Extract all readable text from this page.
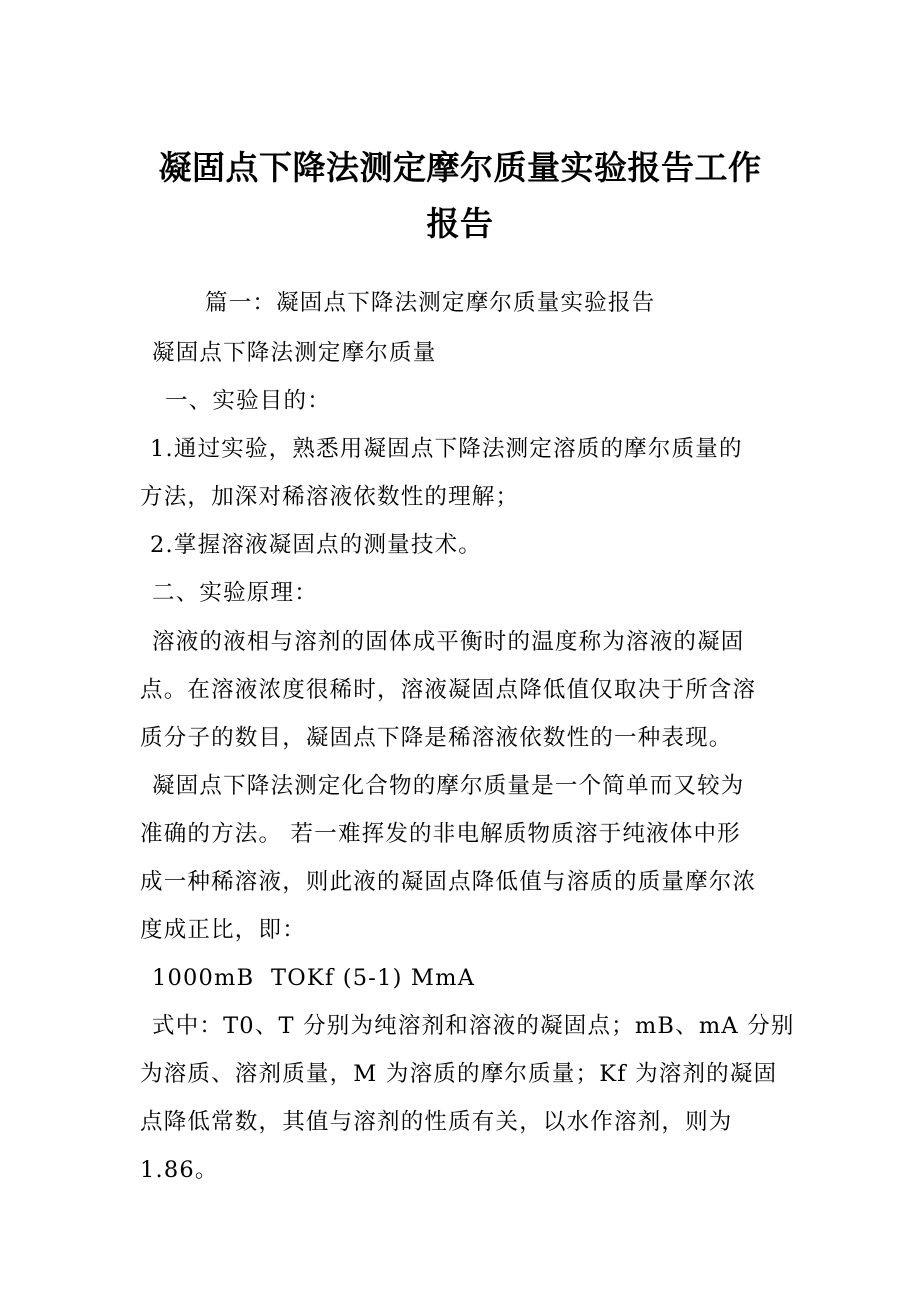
凝固点下降法测定摩尔质量实验报告工作
报告
篇一：凝固点下降法测定摩尔质量实验报告
凝固点下降法测定摩尔质量
一、实验目的：
1.通过实验，熟悉用凝固点下降法测定溶质的摩尔质量的
方法，加深对稀溶液依数性的理解；
2.掌握溶液凝固点的测量技术。
二、实验原理：
溶液的液相与溶剂的固体成平衡时的温度称为溶液的凝固
点。在溶液浓度很稀时，溶液凝固点降低值仅取决于所含溶
质分子的数目，凝固点下降是稀溶液依数性的一种表现。
凝固点下降法测定化合物的摩尔质量是一个简单而又较为
准确的方法。 若一难挥发的非电解质物质溶于纯液体中形
成一种稀溶液，则此液的凝固点降低值与溶质的质量摩尔浓
度成正比，即：
1000mB  TOKf (5-1) MmA
式中：T0、T 分别为纯溶剂和溶液的凝固点；mB、mA 分别
为溶质、溶剂质量，M 为溶质的摩尔质量；Kf 为溶剂的凝固
点降低常数，其值与溶剂的性质有关，以水作溶剂，则为
1.86。
